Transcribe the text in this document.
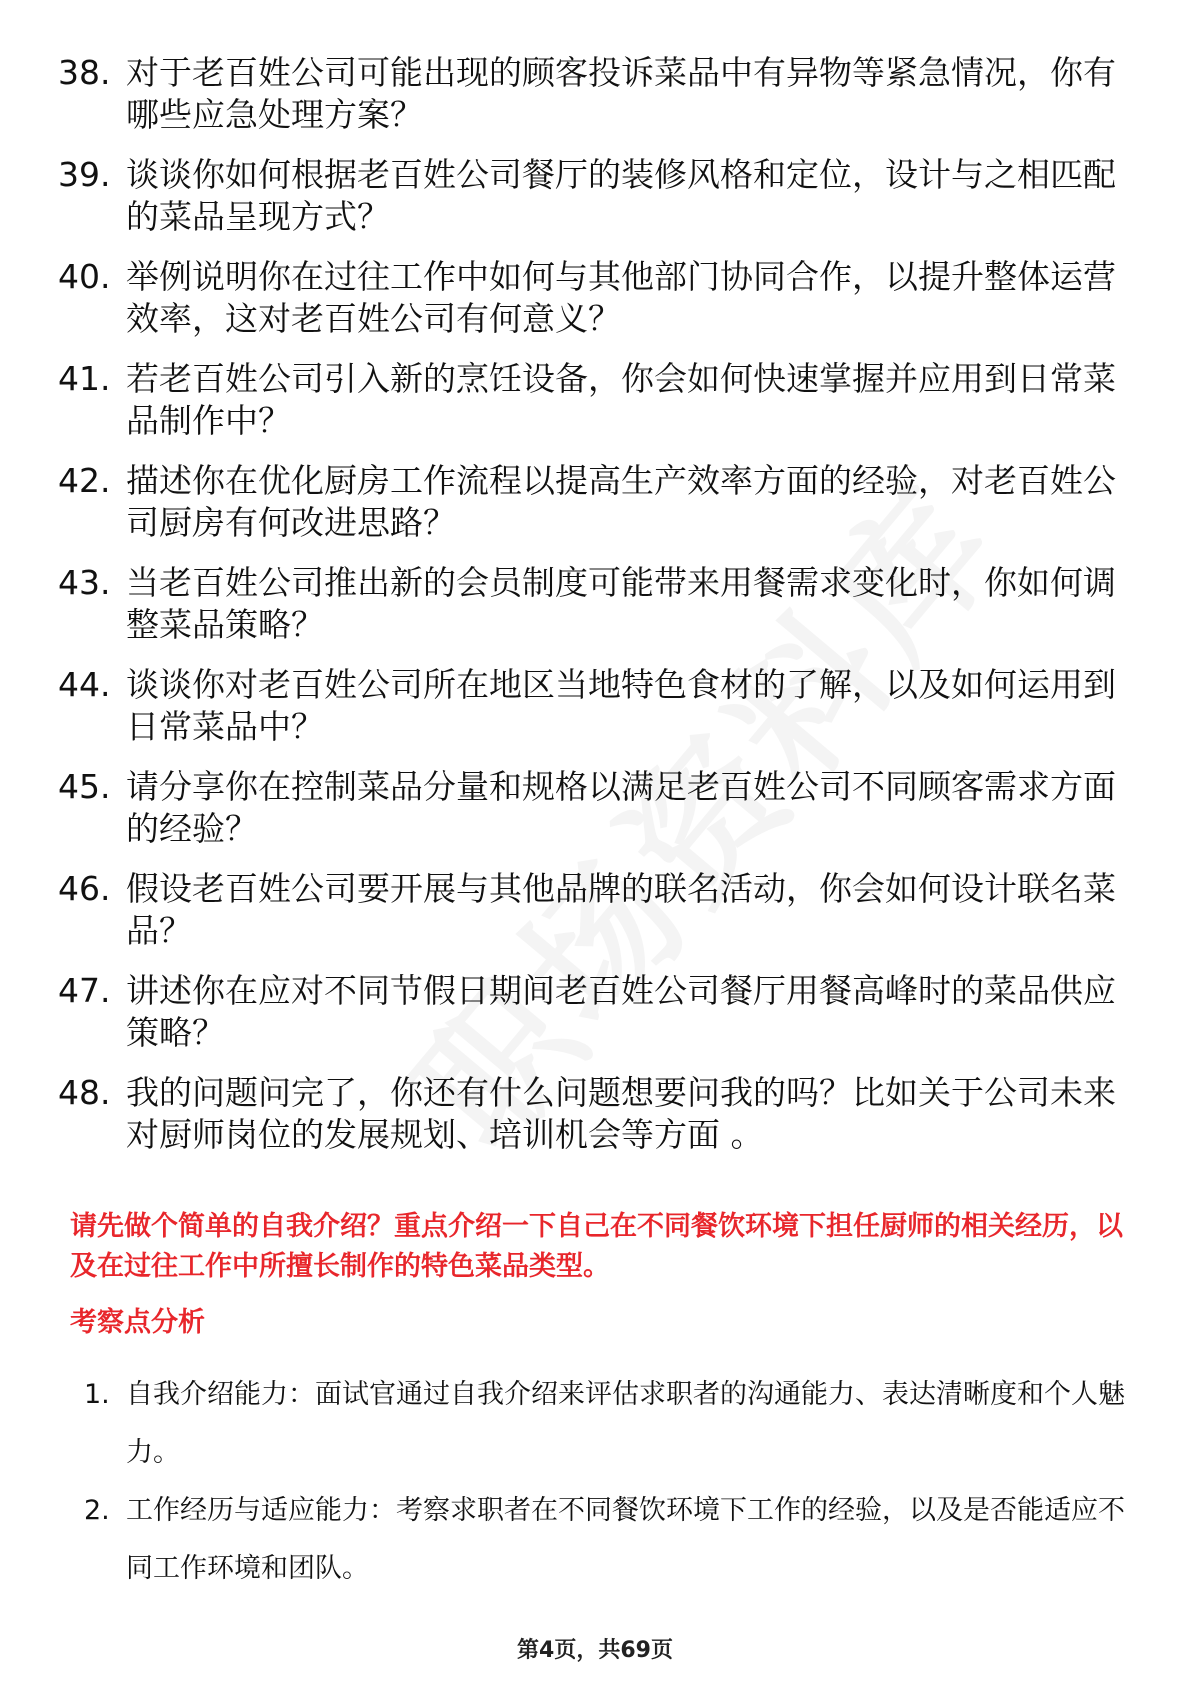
38. 对于老百姓公司可能出现的顾客投诉菜品中有异物等紧急情况，你有哪些应急处理方案？
39. 谈谈你如何根据老百姓公司餐厅的装修风格和定位，设计与之相匹配的菜品呈现方式？
40. 举例说明你在过往工作中如何与其他部门协同合作，以提升整体运营效率，这对老百姓公司有何意义？
41. 若老百姓公司引入新的烹饪设备，你会如何快速掌握并应用到日常菜品制作中？
42. 描述你在优化厨房工作流程以提高生产效率方面的经验，对老百姓公司厨房有何改进思路？
43. 当老百姓公司推出新的会员制度可能带来用餐需求变化时，你如何调整菜品策略？
44. 谈谈你对老百姓公司所在地区当地特色食材的了解，以及如何运用到日常菜品中？
45. 请分享你在控制菜品分量和规格以满足老百姓公司不同顾客需求方面的经验？
46. 假设老百姓公司要开展与其他品牌的联名活动，你会如何设计联名菜品？
47. 讲述你在应对不同节假日期间老百姓公司餐厅用餐高峰时的菜品供应策略？
48. 我的问题问完了，你还有什么问题想要问我的吗？比如关于公司未来对厨师岗位的发展规划、培训机会等方面 。
请先做个简单的自我介绍？重点介绍一下自己在不同餐饮环境下担任厨师的相关经历，以及在过往工作中所擅长制作的特色菜品类型。
考察点分析
1. 自我介绍能力：面试官通过自我介绍来评估求职者的沟通能力、表达清晰度和个人魅力。
2. 工作经历与适应能力：考察求职者在不同餐饮环境下工作的经验，以及是否能适应不同工作环境和团队。
第4页，共69页
